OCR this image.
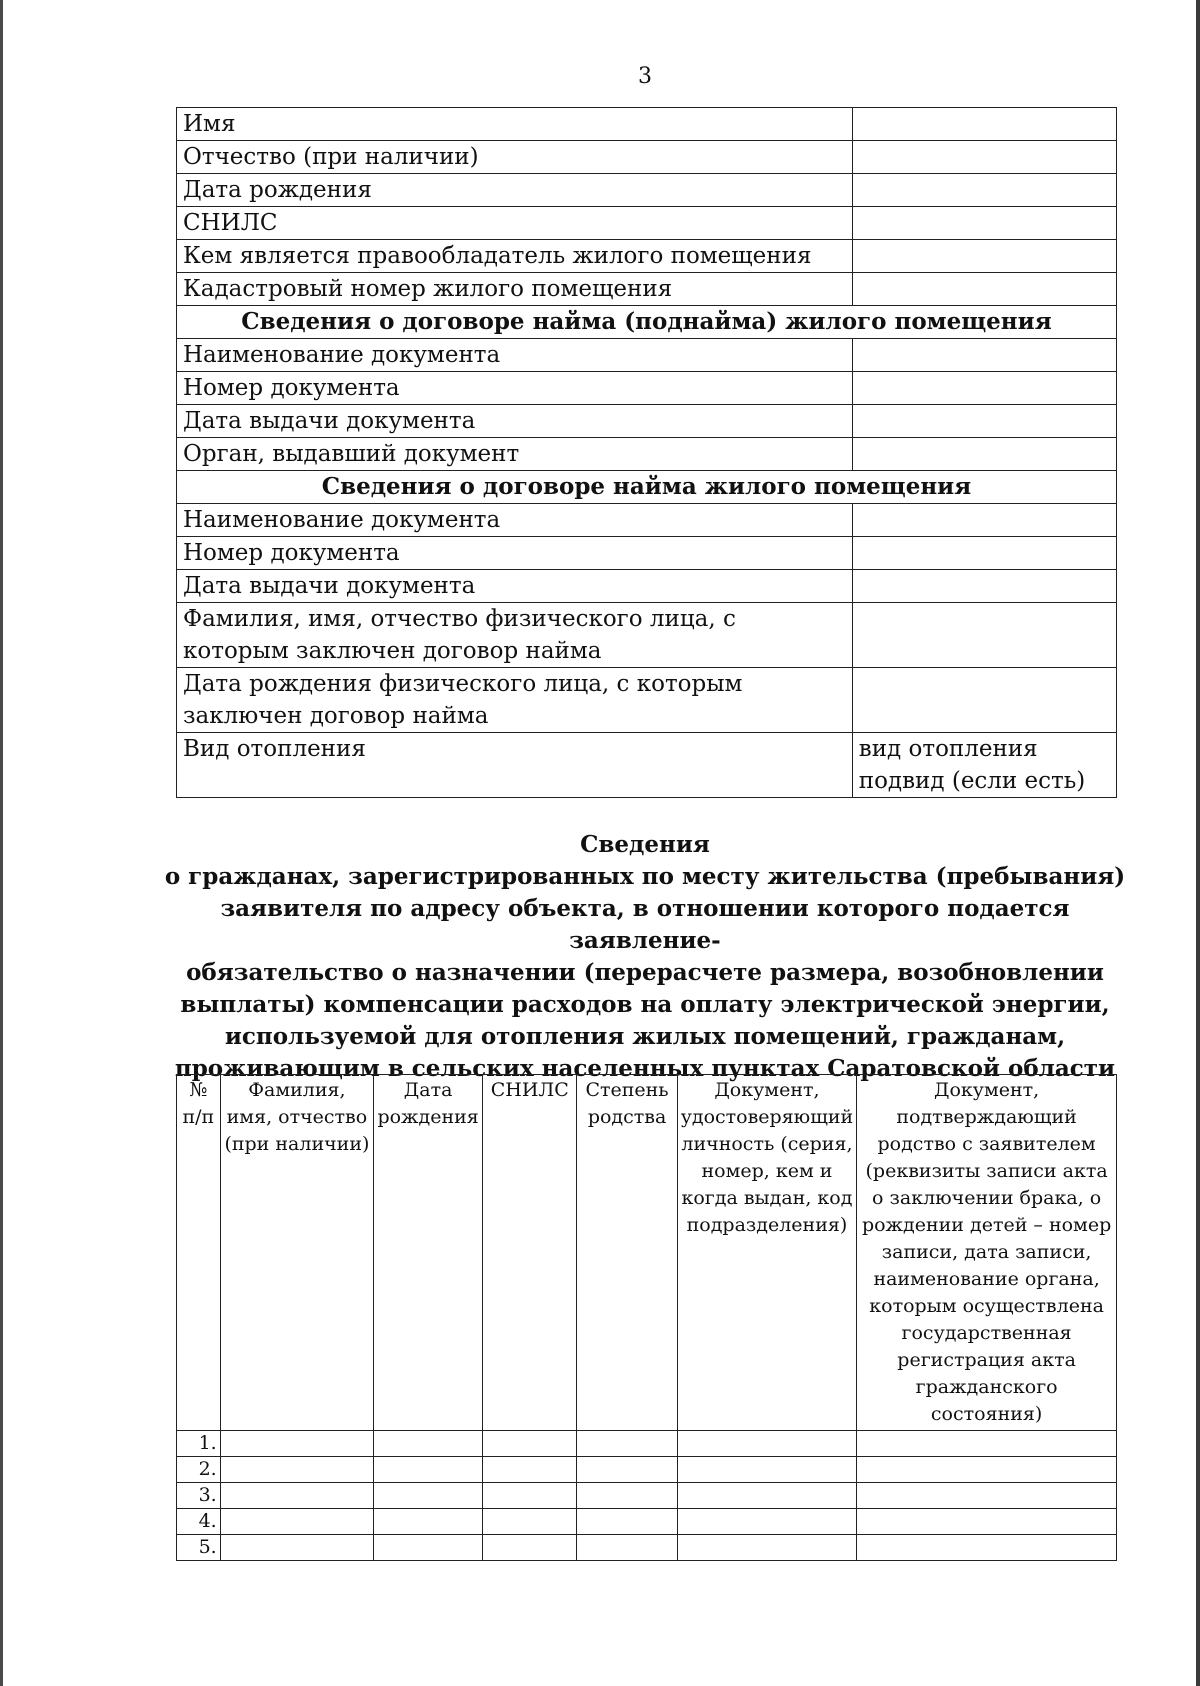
3
Имя	
Отчество (при наличии)	
Дата рождения	
СНИЛС	
Кем является правообладатель жилого помещения	
Кадастровый номер жилого помещения	
Сведения о договоре найма (поднайма) жилого помещения	
Наименование документа	
Номер документа	
Дата выдачи документа	
Орган, выдавший документ	
Сведения о договоре найма жилого помещения	
Наименование документа	
Номер документа	
Дата выдачи документа	
Фамилия, имя, отчество физического лица, с которым заключен договор найма	
Дата рождения физического лица, с которым заключен договор найма	
Вид отопления	вид отопления
подвид (если есть)
Сведения
о гражданах, зарегистрированных по месту жительства (пребывания)
заявителя по адресу объекта, в отношении которого подается заявление-
обязательство о назначении (перерасчете размера, возобновлении
выплаты) компенсации расходов на оплату электрической энергии,
используемой для отопления жилых помещений, гражданам,
проживающим в сельских населенных пунктах Саратовской области
№ п/п	Фамилия, имя, отчество (при наличии)	Дата рождения	СНИЛС	Степень родства	Документ, удостоверяющий личность (серия, номер, кем и когда выдан, код подразделения)	Документ, подтверждающий родство с заявителем (реквизиты записи акта о заключении брака, о рождении детей – номер записи, дата записи, наименование органа, которым осуществлена государственная регистрация акта гражданского состояния)
1.						
2.						
3.						
4.						
5.						
